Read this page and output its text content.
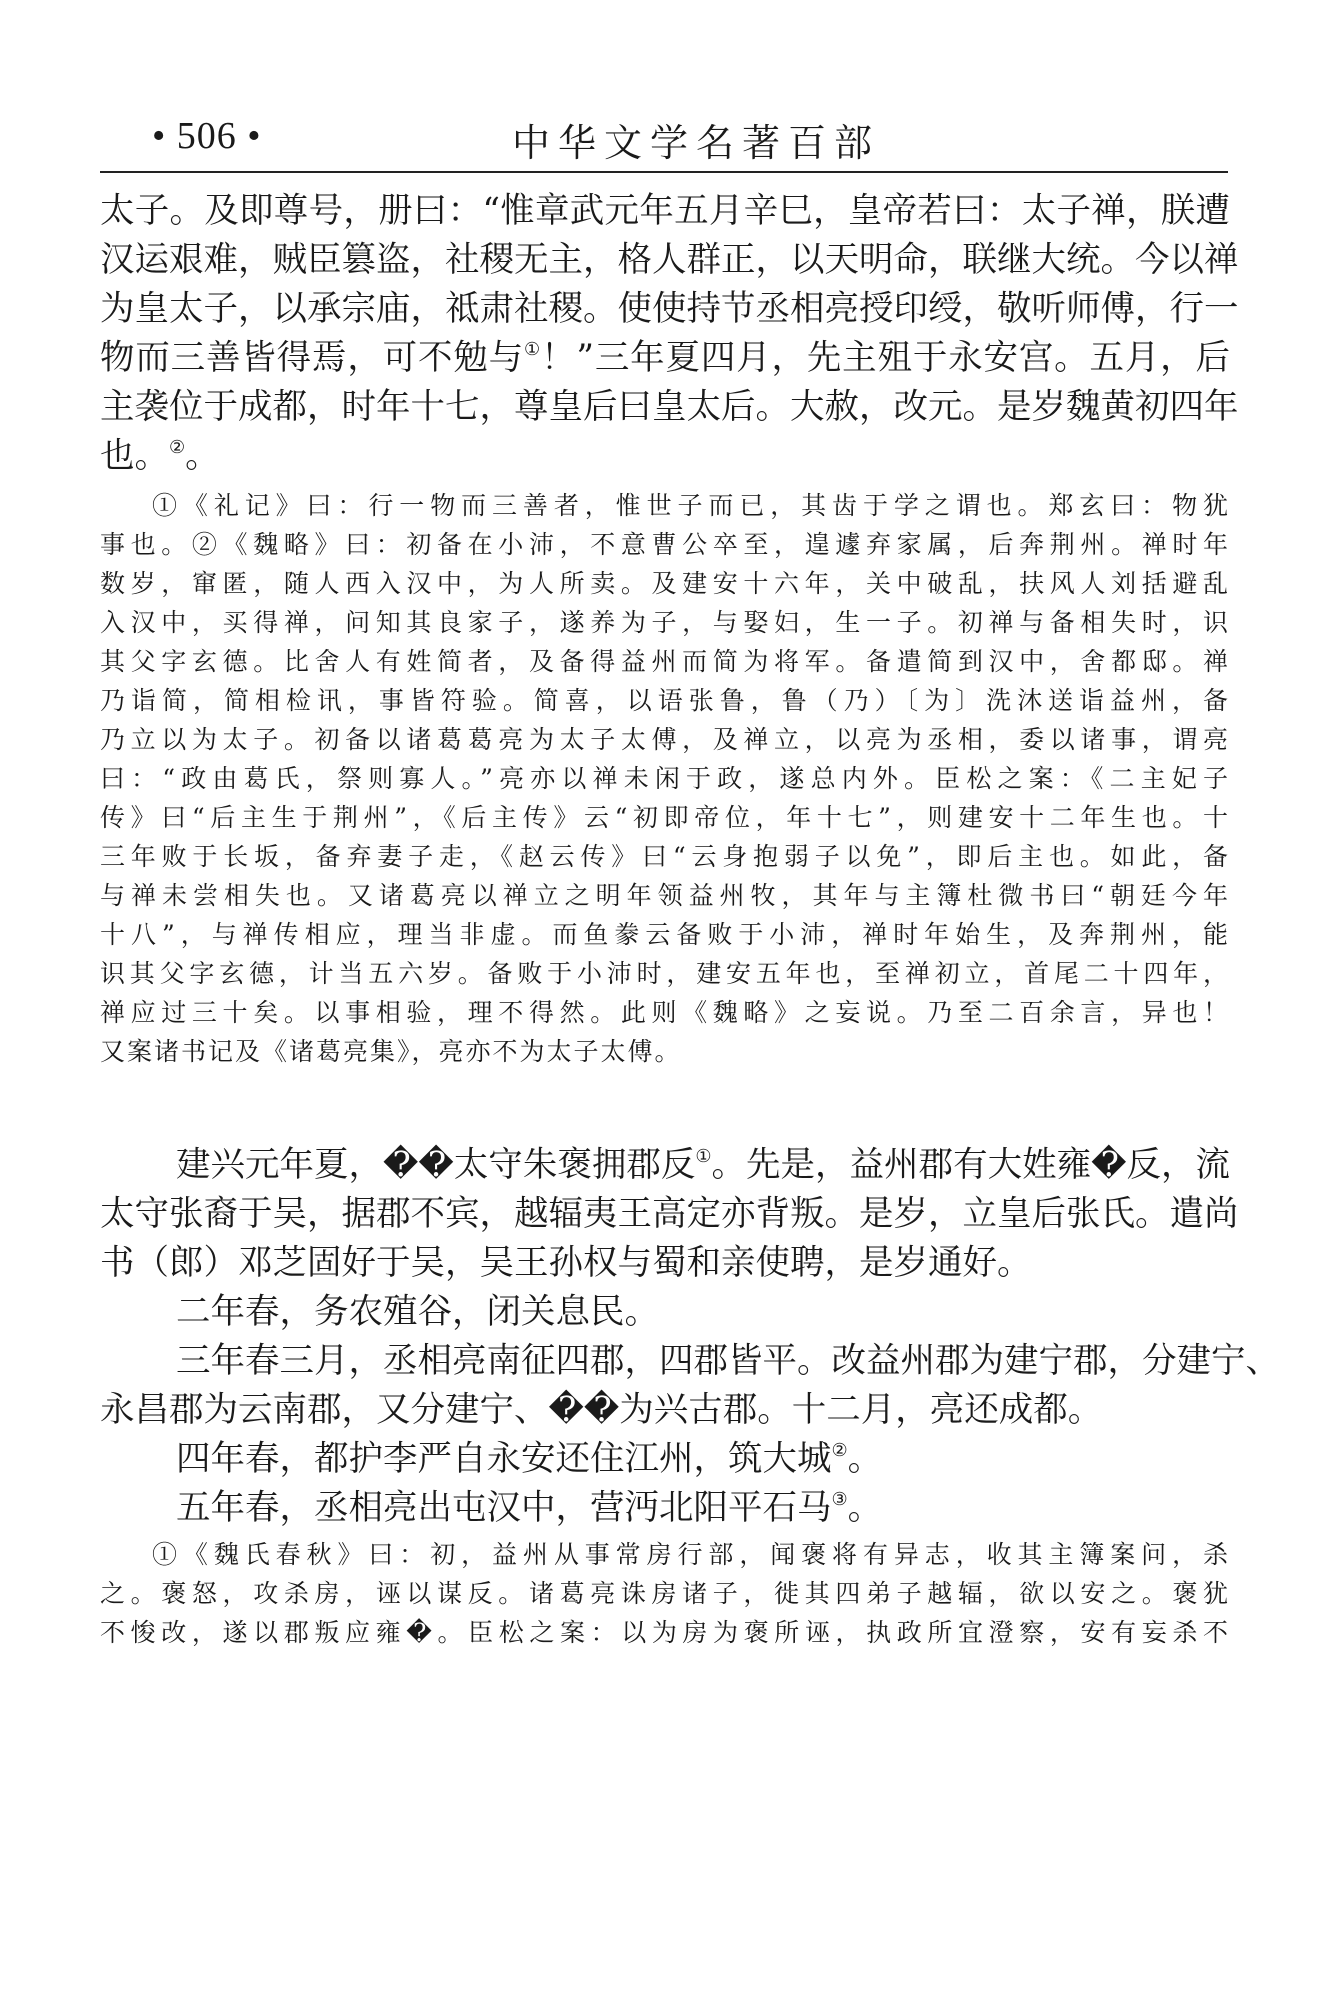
• 506 •	中华文学名著百部

太子。及即尊号，册曰：“惟章武元年五月辛巳，皇帝若曰：太子禅，朕遭

汉运艰难，贼臣篡盗，社稷无主，格人群正，以天明命，联继大统。今以禅

为皇太子，以承宗庙，祗肃社稷。使使持节丞相亮授印绶，敬听师傅，行一

物而三善皆得焉，可不勉与①！”三年夏四月，先主殂于永安宫。五月，后

主袭位于成都，时年十七，尊皇后曰皇太后。大赦，改元。是岁魏黄初四年

也。②。

①《礼记》曰：行一物而三善者，惟世子而已，其齿于学之谓也。郑玄曰：物犹

事也。②《魏略》曰：初备在小沛，不意曹公卒至，遑遽弃家属，后奔荆州。禅时年

数岁，窜匿，随人西入汉中，为人所卖。及建安十六年，关中破乱，扶风人刘括避乱

入汉中，买得禅，问知其良家子，遂养为子，与娶妇，生一子。初禅与备相失时，识

其父字玄德。比舍人有姓简者，及备得益州而简为将军。备遣简到汉中，舍都邸。禅

乃诣简，简相检讯，事皆符验。简喜，以语张鲁，鲁（乃）〔为〕洗沐送诣益州，备

乃立以为太子。初备以诸葛葛亮为太子太傅，及禅立，以亮为丞相，委以诸事，谓亮

曰：“政由葛氏，祭则寡人。”亮亦以禅未闲于政，遂总内外。臣松之案：《二主妃子

传》曰“后主生于荆州”，《后主传》云“初即帝位，年十七”，则建安十二年生也。十

三年败于长坂，备弃妻子走，《赵云传》曰“云身抱弱子以免”，即后主也。如此，备

与禅未尝相失也。又诸葛亮以禅立之明年领益州牧，其年与主簿杜微书曰“朝廷今年

十八”，与禅传相应，理当非虚。而鱼豢云备败于小沛，禅时年始生，及奔荆州，能

识其父字玄德，计当五六岁。备败于小沛时，建安五年也，至禅初立，首尾二十四年，

禅应过三十矣。以事相验，理不得然。此则《魏略》之妄说。乃至二百余言，异也！

又案诸书记及《诸葛亮集》，亮亦不为太子太傅。

建兴元年夏，��太守朱褒拥郡反①。先是，益州郡有大姓雍�反，流

太守张裔于吴，据郡不宾，越辐夷王高定亦背叛。是岁，立皇后张氏。遣尚

书（郎）邓芝固好于吴，吴王孙权与蜀和亲使聘，是岁通好。

二年春，务农殖谷，闭关息民。

三年春三月，丞相亮南征四郡，四郡皆平。改益州郡为建宁郡，分建宁、

永昌郡为云南郡，又分建宁、��为兴古郡。十二月，亮还成都。

四年春，都护李严自永安还住江州，筑大城②。

五年春，丞相亮出屯汉中，营沔北阳平石马③。

①《魏氏春秋》曰：初，益州从事常房行部，闻褒将有异志，收其主簿案问，杀

之。褒怒，攻杀房，诬以谋反。诸葛亮诛房诸子，徙其四弟子越辐，欲以安之。褒犹

不悛改，遂以郡叛应雍�。臣松之案：以为房为褒所诬，执政所宜澄察，安有妄杀不
